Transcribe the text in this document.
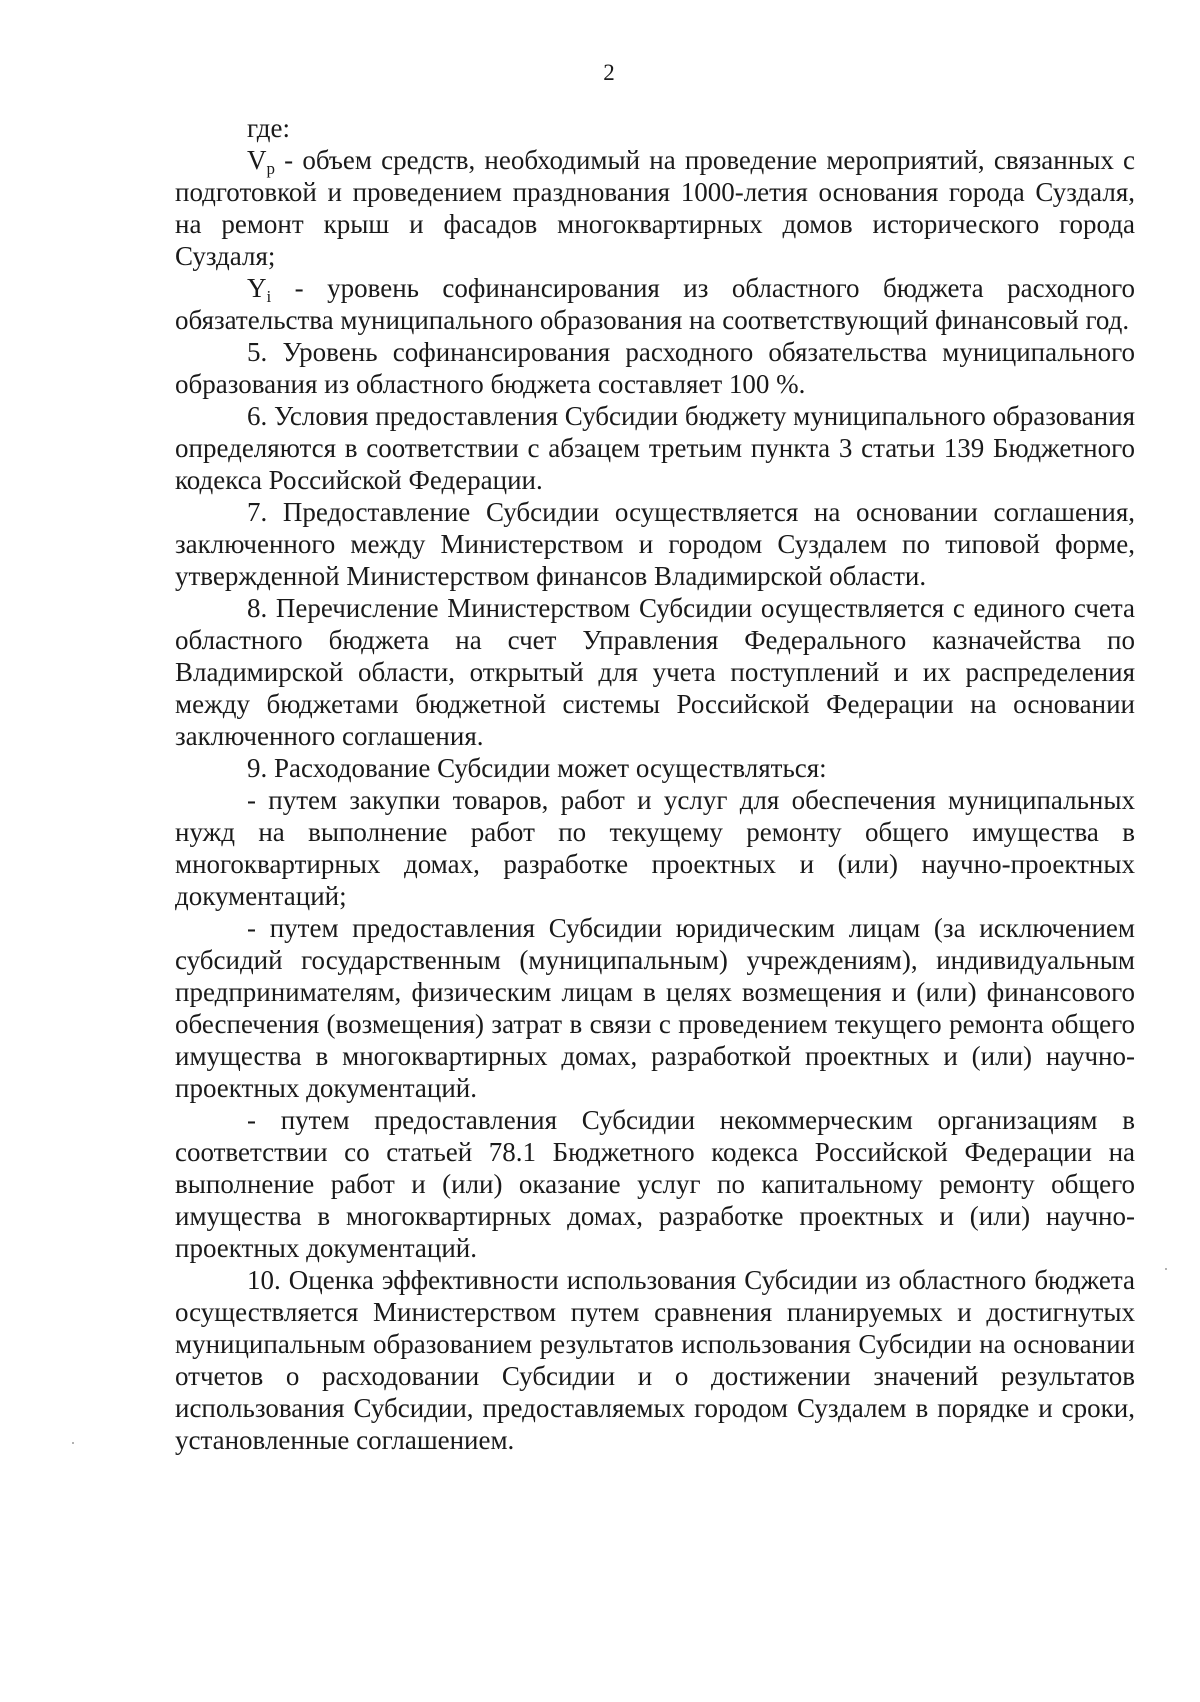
2

где:

$V_р$ - объем средств, необходимый на проведение мероприятий, связанных с подготовкой и проведением празднования 1000-летия основания города Суздаля, на ремонт крыш и фасадов многоквартирных домов исторического города Суздаля;

$Y_i$ - уровень софинансирования из областного бюджета расходного обязательства муниципального образования на соответствующий финансовый год.

5. Уровень софинансирования расходного обязательства муниципального образования из областного бюджета составляет 100 %.

6. Условия предоставления Субсидии бюджету муниципального образования определяются в соответствии с абзацем третьим пункта 3 статьи 139 Бюджетного кодекса Российской Федерации.

7. Предоставление Субсидии осуществляется на основании соглашения, заключенного между Министерством и городом Суздалем по типовой форме, утвержденной Министерством финансов Владимирской области.

8. Перечисление Министерством Субсидии осуществляется с единого счета областного бюджета на счет Управления Федерального казначейства по Владимирской области, открытый для учета поступлений и их распределения между бюджетами бюджетной системы Российской Федерации на основании заключенного соглашения.

9. Расходование Субсидии может осуществляться:

- путем закупки товаров, работ и услуг для обеспечения муниципальных нужд на выполнение работ по текущему ремонту общего имущества в многоквартирных домах, разработке проектных и (или) научно-проектных документаций;

- путем предоставления Субсидии юридическим лицам (за исключением субсидий государственным (муниципальным) учреждениям), индивидуальным предпринимателям, физическим лицам в целях возмещения и (или) финансового обеспечения (возмещения) затрат в связи с проведением текущего ремонта общего имущества в многоквартирных домах, разработкой проектных и (или) научно-проектных документаций.

- путем предоставления Субсидии некоммерческим организациям в соответствии со статьей 78.1 Бюджетного кодекса Российской Федерации на выполнение работ и (или) оказание услуг по капитальному ремонту общего имущества в многоквартирных домах, разработке проектных и (или) научно-проектных документаций.

10. Оценка эффективности использования Субсидии из областного бюджета осуществляется Министерством путем сравнения планируемых и достигнутых муниципальным образованием результатов использования Субсидии на основании отчетов о расходовании Субсидии и о достижении значений результатов использования Субсидии, предоставляемых городом Суздалем в порядке и сроки, установленные соглашением.
